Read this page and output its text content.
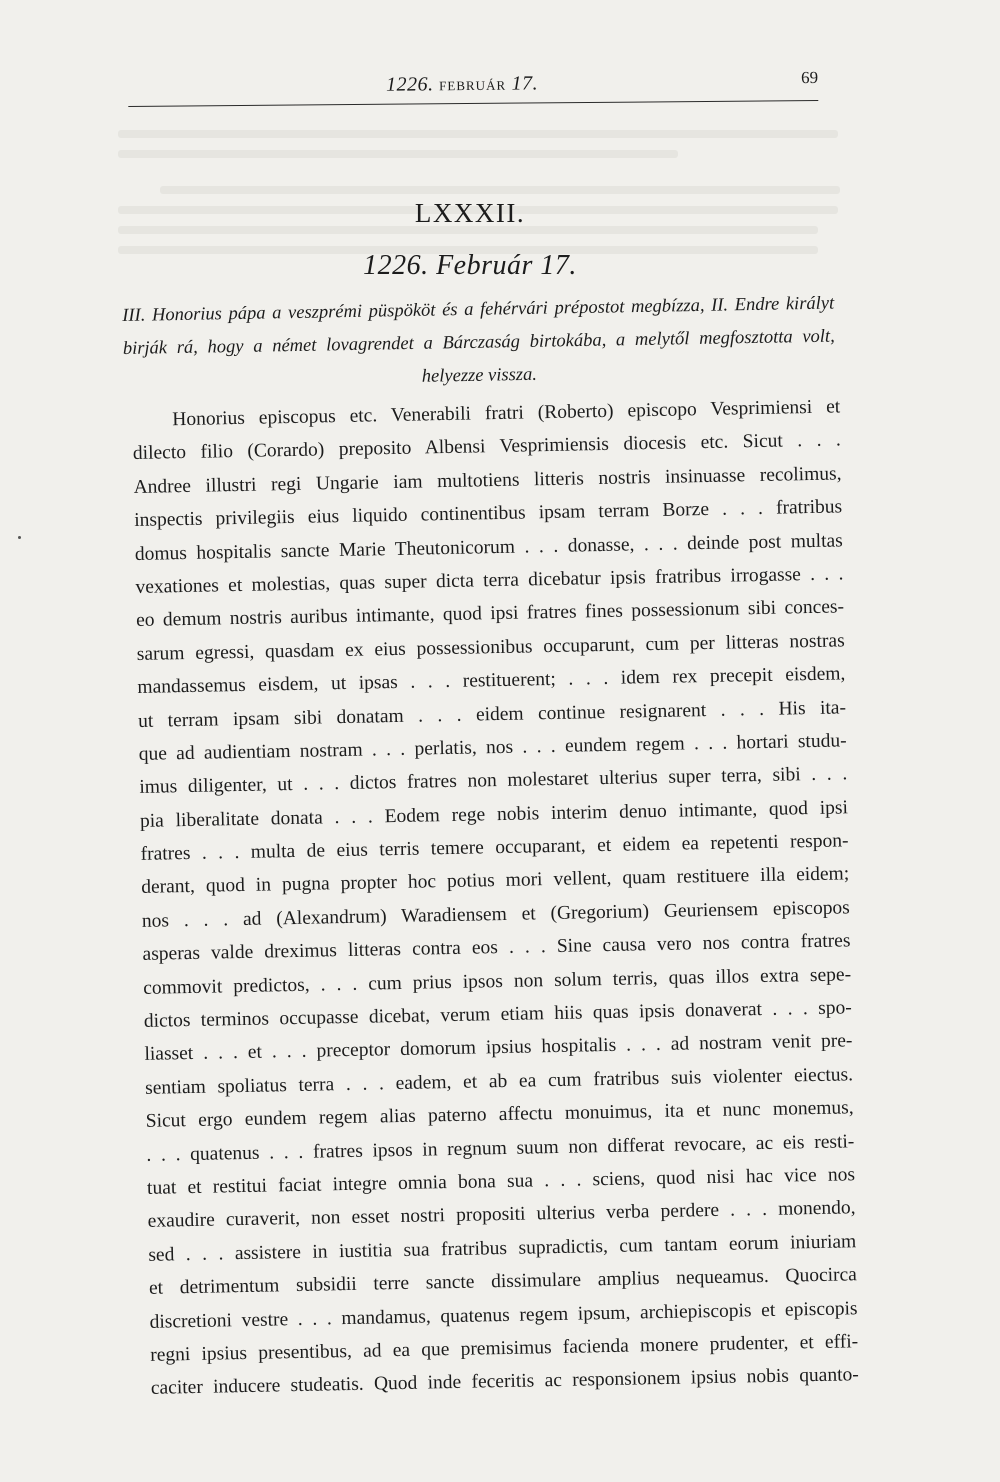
1226. FEBRUÁR 17.	69
LXXXII.
1226. Február 17.
III. Honorius pápa a veszprémi püspököt és a fehérvári prépostot megbízza, II. Endre királyt birják rá, hogy a német lovagrendet a Bárczaság birtokába, a melytől megfosztotta volt, helyezze vissza.
Honorius episcopus etc. Venerabili fratri (Roberto) episcopo Vesprimiensi et
dilecto filio (Corardo) preposito Albensi Vesprimiensis diocesis etc. Sicut . . .
Andree illustri regi Ungarie iam multotiens litteris nostris insinuasse recolimus,
inspectis privilegiis eius liquido continentibus ipsam terram Borze . . . fratribus
domus hospitalis sancte Marie Theutonicorum . . . donasse, . . . deinde post multas
vexationes et molestias, quas super dicta terra dicebatur ipsis fratribus irrogasse . . .
eo demum nostris auribus intimante, quod ipsi fratres fines possessionum sibi conces-
sarum egressi, quasdam ex eius possessionibus occuparunt, cum per litteras nostras
mandassemus eisdem, ut ipsas . . . restituerent; . . . idem rex precepit eisdem,
ut terram ipsam sibi donatam . . . eidem continue resignarent . . . His ita-
que ad audientiam nostram . . . perlatis, nos . . . eundem regem . . . hortari studu-
imus diligenter, ut . . . dictos fratres non molestaret ulterius super terra, sibi . . .
pia liberalitate donata . . . Eodem rege nobis interim denuo intimante, quod ipsi
fratres . . . multa de eius terris temere occuparant, et eidem ea repetenti respon-
derant, quod in pugna propter hoc potius mori vellent, quam restituere illa eidem;
nos . . . ad (Alexandrum) Waradiensem et (Gregorium) Geuriensem episcopos
asperas valde dreximus litteras contra eos . . . Sine causa vero nos contra fratres
commovit predictos, . . . cum prius ipsos non solum terris, quas illos extra sepe-
dictos terminos occupasse dicebat, verum etiam hiis quas ipsis donaverat . . . spo-
liasset . . . et . . . preceptor domorum ipsius hospitalis . . . ad nostram venit pre-
sentiam spoliatus terra . . . eadem, et ab ea cum fratribus suis violenter eiectus.
Sicut ergo eundem regem alias paterno affectu monuimus, ita et nunc monemus,
. . . quatenus . . . fratres ipsos in regnum suum non differat revocare, ac eis resti-
tuat et restitui faciat integre omnia bona sua . . . sciens, quod nisi hac vice nos
exaudire curaverit, non esset nostri propositi ulterius verba perdere . . . monendo,
sed . . . assistere in iustitia sua fratribus supradictis, cum tantam eorum iniuriam
et detrimentum subsidii terre sancte dissimulare amplius nequeamus. Quocirca
discretioni vestre . . . mandamus, quatenus regem ipsum, archiepiscopis et episcopis
regni ipsius presentibus, ad ea que premisimus facienda monere prudenter, et effi-
caciter inducere studeatis. Quod inde feceritis ac responsionem ipsius nobis quanto-
